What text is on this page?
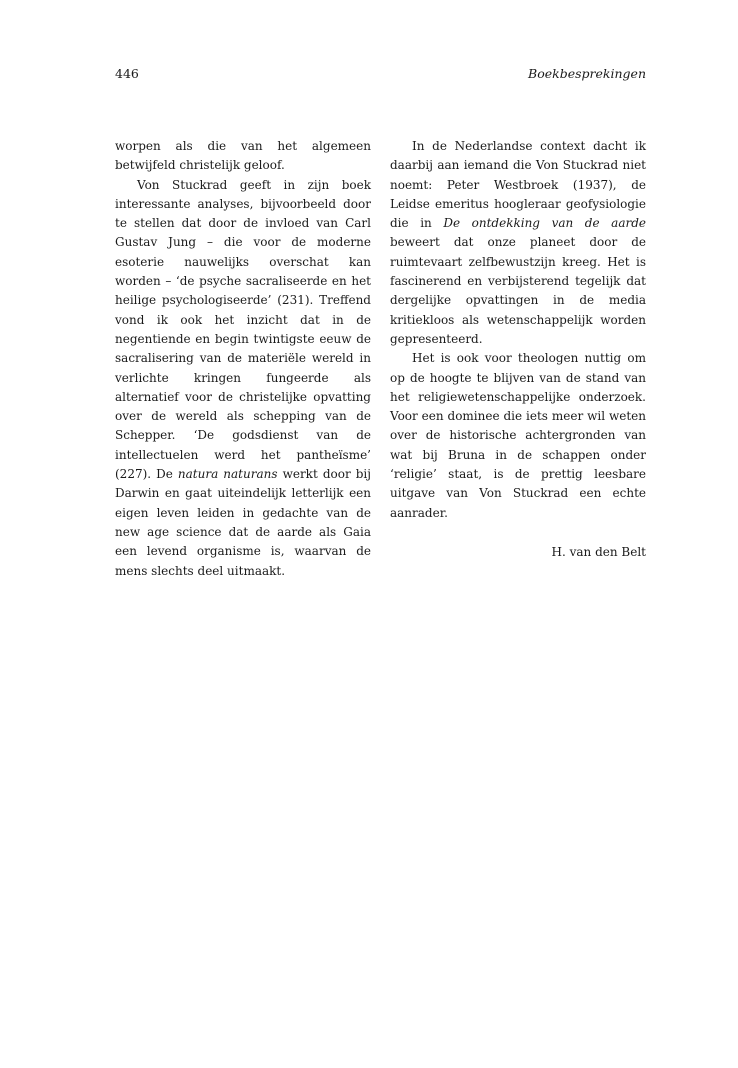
446	Boekbesprekingen

worpen als die van het algemeen betwijfeld christelijk geloof.

Von Stuckrad geeft in zijn boek interessante analyses, bijvoorbeeld door te stellen dat door de invloed van Carl Gustav Jung – die voor de moderne esoterie nauwelijks overschat kan worden – ‘de psyche sacraliseerde en het heilige psychologiseerde’ (231). Treffend vond ik ook het inzicht dat in de negentiende en begin twintigste eeuw de sacralisering van de materiële wereld in verlichte kringen fungeerde als alternatief voor de christelijke opvatting over de wereld als schepping van de Schepper. ‘De godsdienst van de intellectuelen werd het pantheïsme’ (227). De natura naturans werkt door bij Darwin en gaat uiteindelijk letterlijk een eigen leven leiden in gedachte van de new age science dat de aarde als Gaia een levend organisme is, waarvan de mens slechts deel uitmaakt.

In de Nederlandse context dacht ik daarbij aan iemand die Von Stuckrad niet noemt: Peter Westbroek (1937), de Leidse emeritus hoogleraar geofysiologie die in De ontdekking van de aarde beweert dat onze planeet door de ruimtevaart zelfbewustzijn kreeg. Het is fascinerend en verbijsterend tegelijk dat dergelijke opvattingen in de media kritiekloos als wetenschappelijk worden gepresenteerd.

Het is ook voor theologen nuttig om op de hoogte te blijven van de stand van het religiewetenschappelijke onderzoek. Voor een dominee die iets meer wil weten over de historische achtergronden van wat bij Bruna in de schappen onder ‘religie’ staat, is de prettig leesbare uitgave van Von Stuckrad een echte aanrader.

H. van den Belt
